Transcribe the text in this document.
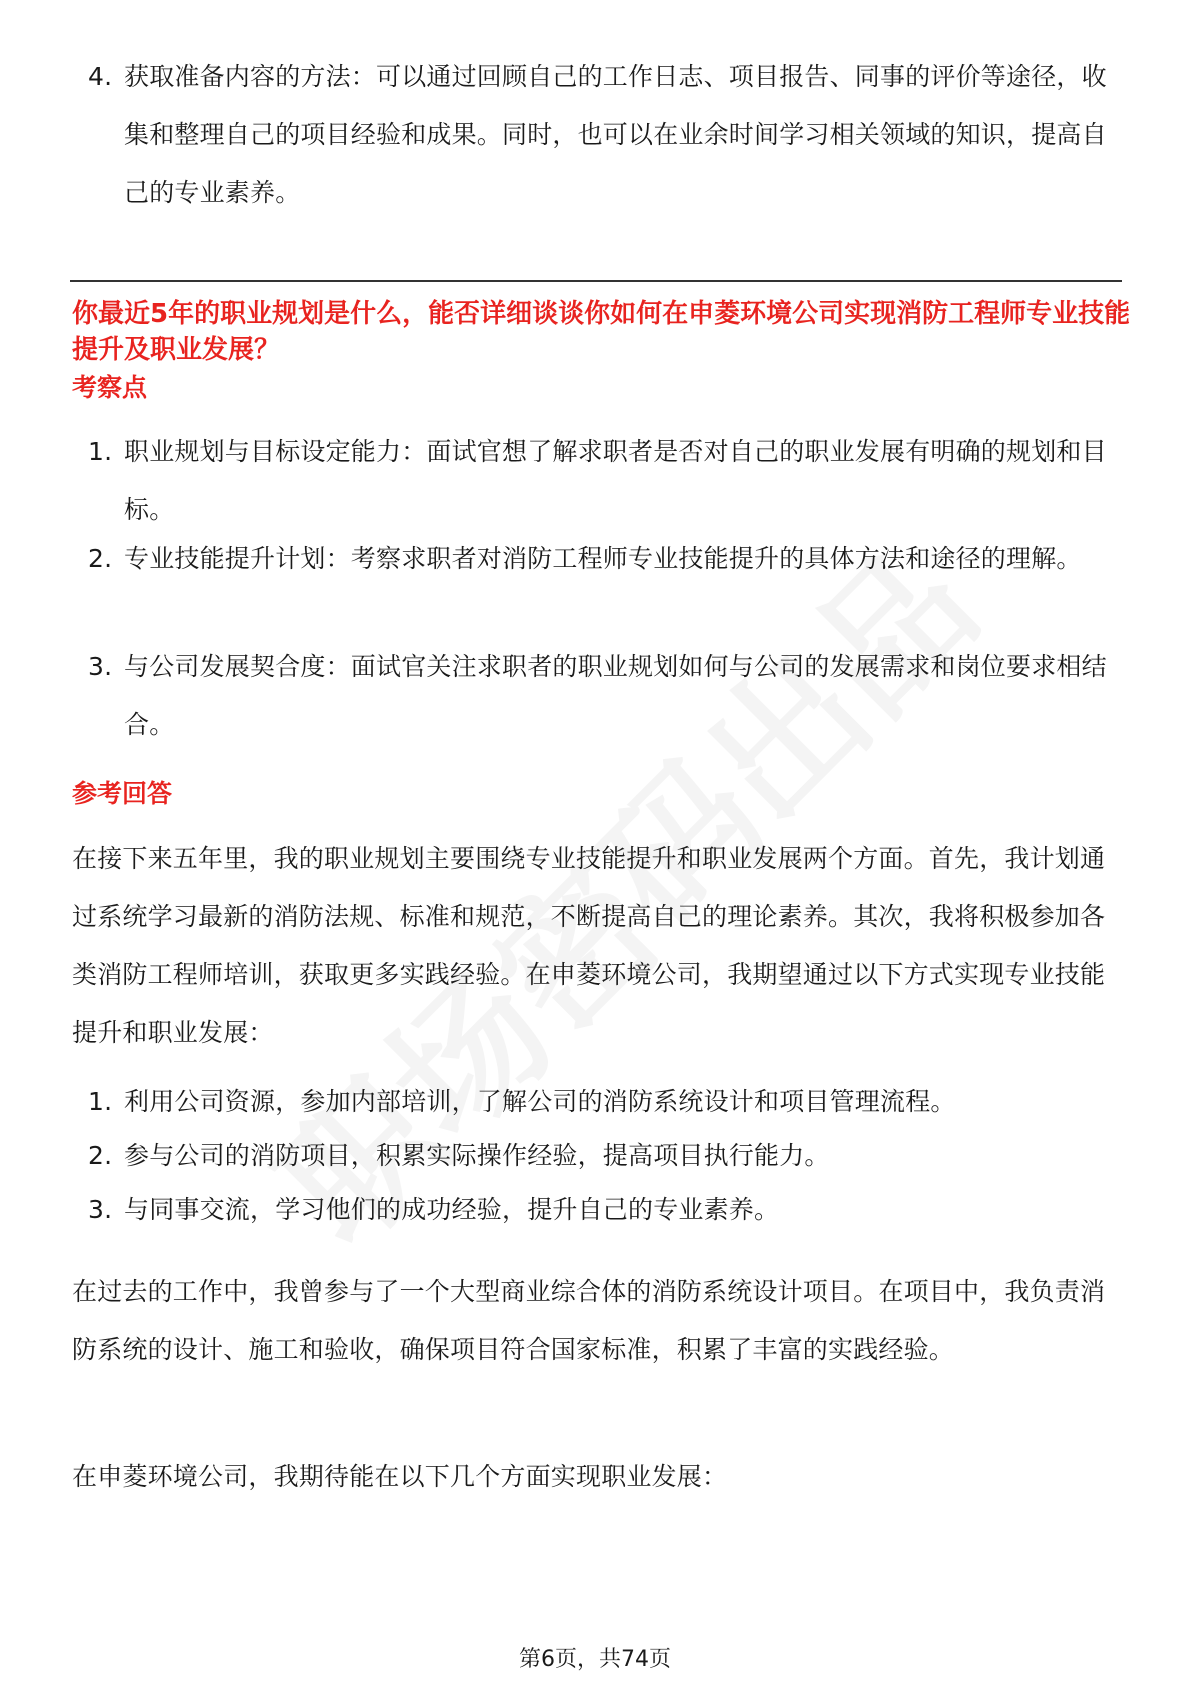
4. 获取准备内容的方法：可以通过回顾自己的工作日志、项目报告、同事的评价等途径，收集和整理自己的项目经验和成果。同时，也可以在业余时间学习相关领域的知识，提高自己的专业素养。
你最近5年的职业规划是什么，能否详细谈谈你如何在申菱环境公司实现消防工程师专业技能提升及职业发展？
考察点
1. 职业规划与目标设定能力：面试官想了解求职者是否对自己的职业发展有明确的规划和目标。
2. 专业技能提升计划：考察求职者对消防工程师专业技能提升的具体方法和途径的理解。
3. 与公司发展契合度：面试官关注求职者的职业规划如何与公司的发展需求和岗位要求相结合。
参考回答
在接下来五年里，我的职业规划主要围绕专业技能提升和职业发展两个方面。首先，我计划通过系统学习最新的消防法规、标准和规范，不断提高自己的理论素养。其次，我将积极参加各类消防工程师培训，获取更多实践经验。在申菱环境公司，我期望通过以下方式实现专业技能提升和职业发展：
1. 利用公司资源，参加内部培训，了解公司的消防系统设计和项目管理流程。
2. 参与公司的消防项目，积累实际操作经验，提高项目执行能力。
3. 与同事交流，学习他们的成功经验，提升自己的专业素养。
在过去的工作中，我曾参与了一个大型商业综合体的消防系统设计项目。在项目中，我负责消防系统的设计、施工和验收，确保项目符合国家标准，积累了丰富的实践经验。
在申菱环境公司，我期待能在以下几个方面实现职业发展：
第6页，共74页
